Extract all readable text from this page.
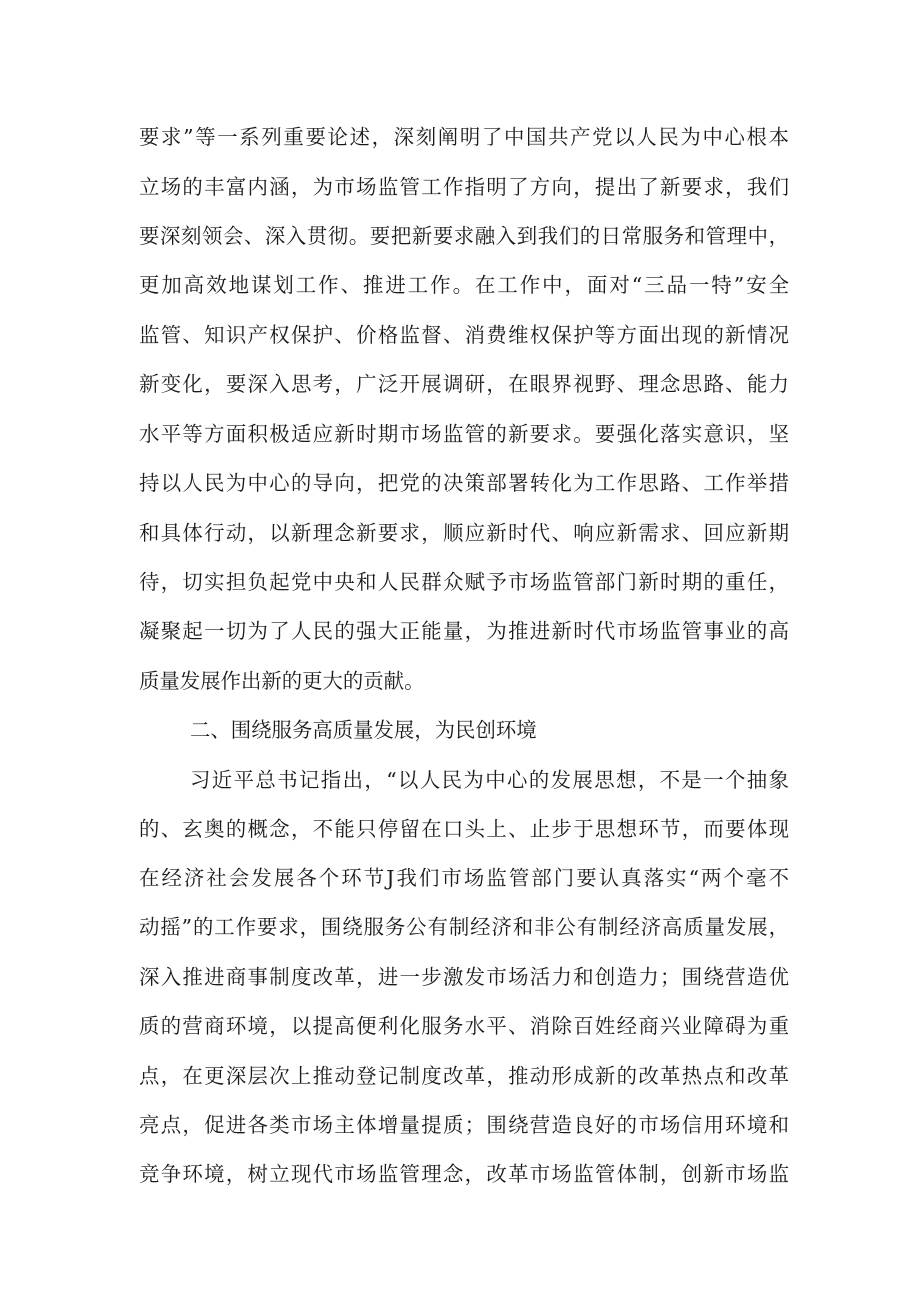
要求”等一系列重要论述，深刻阐明了中国共产党以人民为中心根本
立场的丰富内涵，为市场监管工作指明了方向，提出了新要求，我们
要深刻领会、深入贯彻。要把新要求融入到我们的日常服务和管理中，
更加高效地谋划工作、推进工作。在工作中，面对“三品一特”安全
监管、知识产权保护、价格监督、消费维权保护等方面出现的新情况
新变化，要深入思考，广泛开展调研，在眼界视野、理念思路、能力
水平等方面积极适应新时期市场监管的新要求。要强化落实意识，坚
持以人民为中心的导向，把党的决策部署转化为工作思路、工作举措
和具体行动，以新理念新要求，顺应新时代、响应新需求、回应新期
待，切实担负起党中央和人民群众赋予市场监管部门新时期的重任，
凝聚起一切为了人民的强大正能量，为推进新时代市场监管事业的高
质量发展作出新的更大的贡献。
二、围绕服务高质量发展，为民创环境
习近平总书记指出，“以人民为中心的发展思想，不是一个抽象
的、玄奥的概念，不能只停留在口头上、止步于思想环节，而要体现
在经济社会发展各个环节J我们市场监管部门要认真落实“两个毫不
动摇”的工作要求，围绕服务公有制经济和非公有制经济高质量发展，
深入推进商事制度改革，进一步激发市场活力和创造力；围绕营造优
质的营商环境，以提高便利化服务水平、消除百姓经商兴业障碍为重
点，在更深层次上推动登记制度改革，推动形成新的改革热点和改革
亮点，促进各类市场主体增量提质；围绕营造良好的市场信用环境和
竞争环境，树立现代市场监管理念，改革市场监管体制，创新市场监
